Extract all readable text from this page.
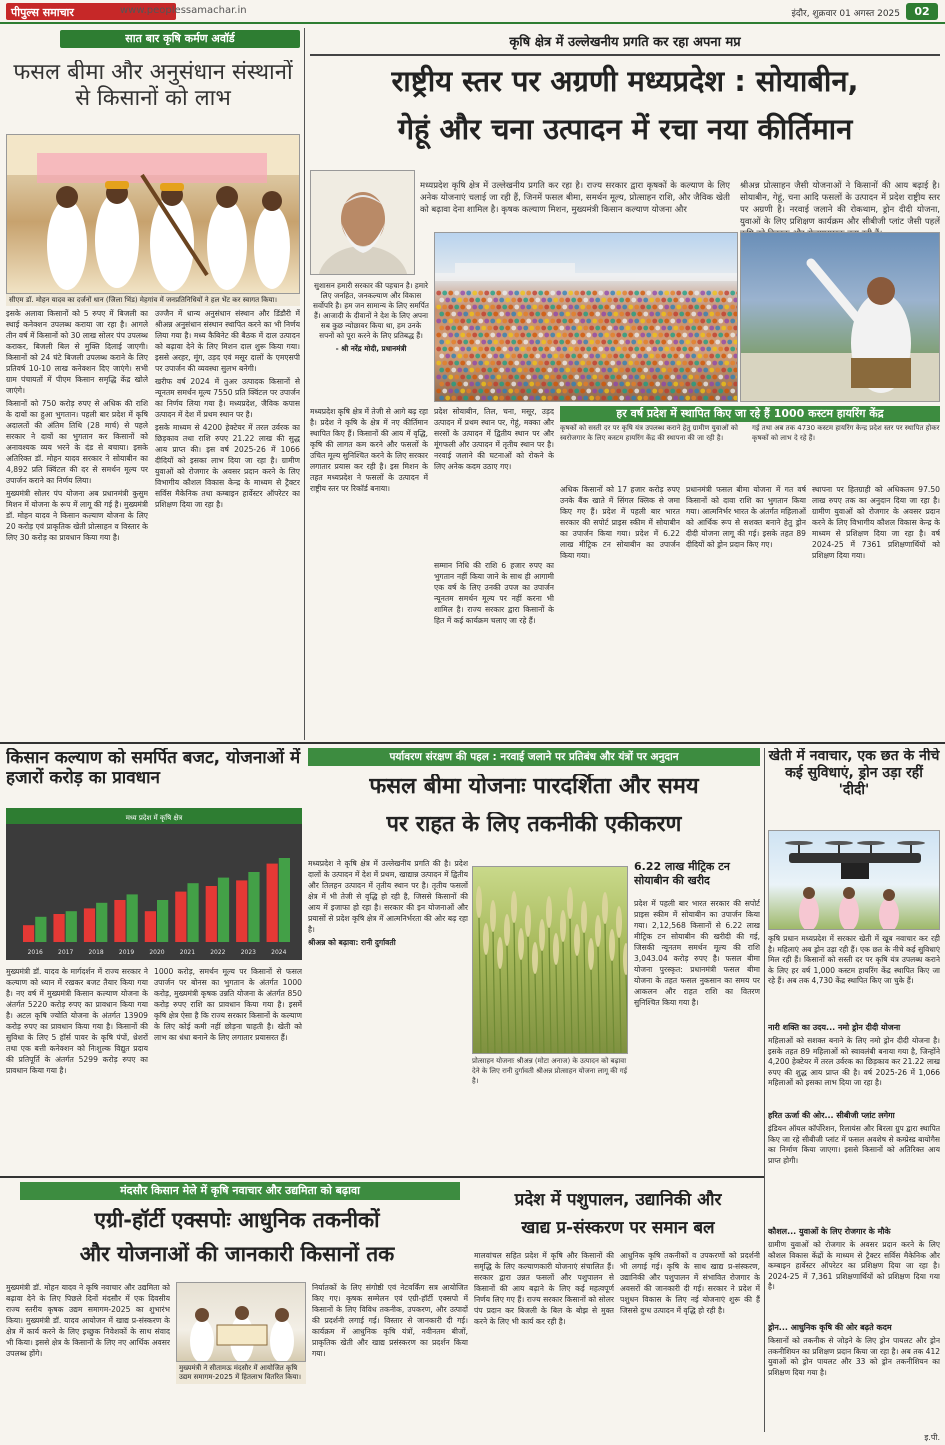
पीपुल्स समाचार	www.peoplessamachar.in	इंदौर, शुक्रवार 01 अगस्त 2025	02
सात बार कृषि कर्मण अवॉर्ड
फसल बीमा और अनुसंधान संस्थानों से किसानों को लाभ
सीएम डॉ. मोहन यादव का दर्जनों धान (जिला भिंड) मेहगांव में जनप्रतिनिधियों ने हल भेंट कर स्वागत किया।

इसके अलावा किसानों को 5 रुपए में बिजली का स्थाई कनेक्शन उपलब्ध कराया जा रहा है। आगले तीन वर्ष में किसानों को 30 लाख सोलर पंप उपलब्ध कराकर, बिजली बिल से मुक्ति दिलाई जाएगी। किसानों को 24 घंटे बिजली उपलब्ध कराने के लिए प्रतिवर्ष 10-10 लाख कनेक्शन दिए जाएंगे। सभी ग्राम पंचायतों में पीएम किसान समृद्धि केंद्र खोले जाएंगे।

किसानों को 750 करोड़ रुपए से अधिक की राशि के दावों का हुआ भुगतान। पहली बार प्रदेश में कृषि अदालतों की अंतिम तिथि (28 मार्च) से पहले सरकार ने दावों का भुगतान कर किसानों को अनावश्यक व्यय भरने के दंड से बचाया। इसके अतिरिक्त डॉ. मोहन यादव सरकार ने सोयाबीन का 4,892 प्रति क्विंटल की दर से समर्थन मूल्य पर उपार्जन कराने का निर्णय लिया।

मुख्यमंत्री सोलर पंप योजना अब प्रधानमंत्री कुसुम मिशन में योजना के रूप में लागू की गई है। मुख्यमंत्री डॉ. मोहन यादव ने किसान कल्याण योजना के लिए 20 करोड़ एवं प्राकृतिक खेती प्रोत्साहन व विस्तार के लिए 30 करोड़ का प्रावधान किया गया है।

उज्जैन में धान्य अनुसंधान संस्थान और डिंडौरी में श्रीअन्न अनुसंधान संस्थान स्थापित करने का भी निर्णय लिया गया है। मध्य कैबिनेट की बैठक में दाल उत्पादन को बढ़ावा देने के लिए मिशन दाल शुरू किया गया। इससे अरहर, मूंग, उड़द एवं मसूर दालों के एमएसपी पर उपार्जन की व्यवस्था सुलभ बनेगी।

खरीफ वर्ष 2024 में तुअर उत्पादक किसानों से न्यूनतम समर्थन मूल्य 7550 प्रति क्विंटल पर उपार्जन का निर्णय लिया गया है। मध्यप्रदेश, जैविक कपास उत्पादन में देश में प्रथम स्थान पर है।

इसके माध्यम से 4200 हेक्टेयर में तरल उर्वरक का छिड़काव तथा राशि रुपए 21.22 लाख की सुद्ध आय प्राप्त की। इस वर्ष 2025-26 में 1066 दीदियों को इसका लाभ दिया जा रहा है। ग्रामीण युवाओं को रोजगार के अवसर प्रदान करने के लिए विभागीय कौशल विकास केन्द्र के माध्यम से ट्रैक्टर सर्विस मैकेनिक तथा कम्बाइन हार्वेस्टर ऑपरेटर का प्रशिक्षण दिया जा रहा है।

कृषि क्षेत्र में उल्लेखनीय प्रगति कर रहा अपना मप्र
राष्ट्रीय स्तर पर अग्रणी मध्यप्रदेश : सोयाबीन,
गेहूं और चना उत्पादन में रचा नया कीर्तिमान
मध्यप्रदेश कृषि क्षेत्र में उल्लेखनीय प्रगति कर रहा है। राज्य सरकार द्वारा कृषकों के कल्याण के लिए अनेक योजनाएं चलाई जा रही हैं, जिनमें फसल बीमा, समर्थन मूल्य, प्रोत्साहन राशि, और जैविक खेती को बढ़ावा देना शामिल है। कृषक कल्याण मिशन, मुख्यमंत्री किसान कल्याण योजना और
श्रीअन्न प्रोत्साहन जैसी योजनाओं ने किसानों की आय बढ़ाई है। सोयाबीन, गेहूं, चना आदि फसलों के उत्पादन में प्रदेश राष्ट्रीय स्तर पर अग्रणी है। नरवाई जलाने की रोकथाम, ड्रोन दीदी योजना, युवाओं के लिए प्रशिक्षण कार्यक्रम और सीबीजी प्लांट जैसी पहलें
सुशासन हमारी सरकार की पहचान है। हमारे लिए जनहित, जनकल्याण और विकास सर्वोपरि है। हम जन सामान्य के लिए समर्पित हैं। आजादी के दीवानों ने देश के लिए अपना सब कुछ न्योछावर किया था, हम उनके सपनों को पूरा करने के लिए प्रतिबद्ध हैं।
- श्री नरेंद्र मोदी, प्रधानमंत्री
हर वर्ष प्रदेश में स्थापित किए जा रहे हैं 1000 कस्टम हायरिंग केंद्र
कृषकों को सस्ती दर पर कृषि यंत्र उपलब्ध कराने हेतु ग्रामीण युवाओं को स्वरोजगार के लिए कस्टम हायरिंग केंद्र की स्थापना की जा रही है।
गई तथा अब तक 4730 कस्टम हायरिंग केन्द्र प्रदेश स्तर पर स्थापित होकर कृषकों को लाभ दे रहे हैं।
मध्यप्रदेश कृषि क्षेत्र में तेजी से आगे बढ़ रहा है। प्रदेश ने कृषि के क्षेत्र में नए कीर्तिमान स्थापित किए हैं। किसानों की आय में वृद्धि, कृषि की लागत कम करने और फसलों के उचित मूल्य सुनिश्चित करने के लिए सरकार लगातार प्रयास कर रही है। इस मिशन के तहत मध्यप्रदेश ने फसलों के उत्पादन में राष्ट्रीय स्तर पर रिकॉर्ड बनाया।
प्रदेश सोयाबीन, तिल, चना, मसूर, उड़द उत्पादन में प्रथम स्थान पर, गेहूं, मक्का और सरसों के उत्पादन में द्वितीय स्थान पर और मूंगफली और उत्पादन में तृतीय स्थान पर है। नरवाई जलाने की घटनाओं को रोकने के लिए अनेक कदम उठाए गए।
सम्मान निधि की राशि 6 हजार रुपए का भुगतान नहीं किया जाने के साथ ही आगामी एक वर्ष के लिए उनकी उपज का उपार्जन न्यूनतम समर्थन मूल्य पर नहीं करना भी शामिल है। राज्य सरकार द्वारा किसानों के हित में कई कार्यक्रम चलाए जा रहे हैं।
अधिक किसानों को 17 हजार करोड़ रुपए उनके बैंक खाते में सिंगल क्लिक से जमा किए गए हैं। प्रदेश में पहली बार भारत सरकार की सपोर्ट प्राइस स्कीम में सोयाबीन का उपार्जन किया गया। प्रदेश में 6.22 लाख मीट्रिक टन सोयाबीन का उपार्जन किया गया।
प्रधानमंत्री फसल बीमा योजना में गत वर्ष किसानों को दावा राशि का भुगतान किया गया। आत्मनिर्भर भारत के अंतर्गत महिलाओं को आर्थिक रूप से सशक्त बनाने हेतु ड्रोन दीदी योजना लागू की गई। इसके तहत 89 दीदियों को ड्रोन प्रदान किए गए।
स्थापना पर हितग्राही को अधिकतम 97.50 लाख रुपए तक का अनुदान दिया जा रहा है। ग्रामीण युवाओं को रोजगार के अवसर प्रदान करने के लिए विभागीय कौशल विकास केन्द्र के माध्यम से प्रशिक्षण दिया जा रहा है। वर्ष 2024-25 में 7361 प्रशिक्षणार्थियों को प्रशिक्षण दिया गया।
किसान कल्याण को समर्पित बजट, योजनाओं में हजारों करोड़ का प्रावधान
मध्य प्रदेश में कृषि क्षेत्र
2016	2017	2018	2019	2020	2021	2022	2023	2024
मुख्यमंत्री डॉ. यादव के मार्गदर्शन में राज्य सरकार ने कल्याण को ध्यान में रखकर बजट तैयार किया गया है। नए वर्ष में मुख्यमंत्री किसान कल्याण योजना के अंतर्गत 5220 करोड़ रुपए का प्रावधान किया गया है। अटल कृषि ज्योति योजना के अंतर्गत 13909 करोड़ रुपए का प्रावधान किया गया है। किसानों की सुविधा के लिए 5 हॉर्स पावर के कृषि पंपों, थ्रेशरों तथा एक बत्ती कनेक्शन को निःशुल्क विद्युत प्रदाय की प्रतिपूर्ति के अंतर्गत 5299 करोड़ रुपए का प्रावधान किया गया है।
1000 करोड़, समर्थन मूल्य पर किसानों से फसल उपार्जन पर बोनस का भुगतान के अंतर्गत 1000 करोड़, मुख्यमंत्री कृषक उन्नति योजना के अंतर्गत 850 करोड़ रुपए राशि का प्रावधान किया गया है। इसमें कृषि क्षेत्र ऐसा है कि राज्य सरकार किसानों के कल्याण के लिए कोई कमी नहीं छोड़ना चाहती है। खेती को लाभ का धंधा बनाने के लिए लगातार प्रयासरत हैं।
पर्यावरण संरक्षण की पहल : नरवाई जलाने पर प्रतिबंध और यंत्रों पर अनुदान
फसल बीमा योजनाः पारदर्शिता और समय
पर राहत के लिए तकनीकी एकीकरण

मध्यप्रदेश ने कृषि क्षेत्र में उल्लेखनीय प्रगति की है। प्रदेश दालों के उत्पादन में देश में प्रथम, खाद्यान्न उत्पादन में द्वितीय और तिलहन उत्पादन में तृतीय स्थान पर है। तृतीय फसलों क्षेत्र में भी तेजी से वृद्धि हो रही है, जिससे किसानों की आय में इजाफा हो रहा है। सरकार की इन योजनाओं और प्रयासों से प्रदेश कृषि क्षेत्र में आत्मनिर्भरता की ओर बढ़ रहा है।

श्रीअन्न को बढ़ावा: रानी दुर्गावती

प्रोत्साहन योजनाः श्रीअन्न (मोटा अनाज) के उत्पादन को बढ़ावा देने के लिए रानी दुर्गावती श्रीअन्न प्रोत्साहन योजना लागू की गई है।
6.22 लाख मीट्रिक टन सोयाबीन की खरीद
प्रदेश में पहली बार भारत सरकार की सपोर्ट प्राइस स्कीम में सोयाबीन का उपार्जन किया गया। 2,12,568 किसानों से 6.22 लाख मीट्रिक टन सोयाबीन की खरीदी की गई, जिसकी न्यूनतम समर्थन मूल्य की राशि 3,043.04 करोड़ रुपए है। फसल बीमा योजना पुरस्कृत: प्रधानमंत्री फसल बीमा योजना के तहत फसल नुकसान का समय पर आकलन और राहत राशि का वितरण सुनिश्चित किया गया है।
खेती में नवाचार, एक छत के नीचे कई सुविधाएं, ड्रोन उड़ा रहीं 'दीदी'
कृषि प्रधान मध्यप्रदेश में सरकार खेती में खूब नवाचार कर रही है। महिलाएं अब ड्रोन उड़ा रही हैं। एक छत के नीचे कई सुविधाएं मिल रही हैं। किसानों को सस्ती दर पर कृषि यंत्र उपलब्ध कराने के लिए हर वर्ष 1,000 कस्टम हायरिंग केंद्र स्थापित किए जा रहे हैं। अब तक 4,730 केंद्र स्थापित किए जा चुके हैं।
नारी शक्ति का उदय... नमो ड्रोन दीदी योजना
महिलाओं को सशक्त बनाने के लिए नमो ड्रोन दीदी योजना है। इसके तहत 89 महिलाओं को स्वावलंबी बनाया गया है, जिन्होंने 4,200 हेक्टेयर में तरल उर्वरक का छिड़काव कर 21.22 लाख रुपए की शुद्ध आय प्राप्त की है। वर्ष 2025-26 में 1,066 महिलाओं को इसका लाभ दिया जा रहा है।
हरित ऊर्जा की ओर... सीबीजी प्लांट लगेगा
इंडियन ऑयल कॉर्पोरेशन, रिलायंस और बिरला ग्रुप द्वारा स्थापित किए जा रहे सीबीजी प्लांट में फसल अवशेष से कम्प्रेस्ड बायोगैस का निर्माण किया जाएगा। इससे किसानों को अतिरिक्त आय प्राप्त होगी।
कौशल... युवाओं के लिए रोजगार के मौके
ग्रामीण युवाओं को रोजगार के अवसर प्रदान करने के लिए कौशल विकास केंद्रों के माध्यम से ट्रैक्टर सर्विस मैकेनिक और कम्बाइन हार्वेस्टर ऑपरेटर का प्रशिक्षण दिया जा रहा है। 2024-25 में 7,361 प्रशिक्षणार्थियों को प्रशिक्षण दिया गया है।
ड्रोन... आधुनिक कृषि की ओर बढ़ते कदम
किसानों को तकनीक से जोड़ने के लिए ड्रोन पायलट और ड्रोन तकनीशियन का प्रशिक्षण प्रदान किया जा रहा है। अब तक 412 युवाओं को ड्रोन पायलट और 33 को ड्रोन तकनीशियन का प्रशिक्षण दिया गया है।
मंदसौर किसान मेले में कृषि नवाचार और उद्यमिता को बढ़ावा
एग्री-हॉर्टी एक्सपोः आधुनिक तकनीकों
और योजनाओं की जानकारी किसानों तक
मुख्यमंत्री डॉ. मोहन यादव ने कृषि नवाचार और उद्यमिता को बढ़ावा देने के लिए पिछले दिनों मंदसौर में एक दिवसीय राज्य स्तरीय कृषक उद्यम समागम-2025 का शुभारंभ किया। मुख्यमंत्री डॉ. यादव आयोजन में खाद्य प्र-संस्करण के क्षेत्र में कार्य करने के लिए इच्छुक निवेशकों के साथ संवाद भी किया। इससे क्षेत्र के किसानों के लिए नए आर्थिक अवसर उपलब्ध होंगे।
मुख्यमंत्री ने सीतामऊ मंदसौर में आयोजित कृषि उद्यम समागम-2025 में हितलाभ वितरित किया।
निर्यातकों के लिए संगोष्ठी एवं नेटवर्किंग सत्र आयोजित किए गए। कृषक सम्मेलन एवं एग्री-हॉर्टी एक्सपो में किसानों के लिए विविध तकनीक, उपकरण, और उत्पादों की प्रदर्शनी लगाई गई। विस्तार से जानकारी दी गई। कार्यक्रम में आधुनिक कृषि यंत्रों, नवीनतम बीजों, प्राकृतिक खेती और खाद्य प्रसंस्करण का प्रदर्शन किया गया।
प्रदेश में पशुपालन, उद्यानिकी और
खाद्य प्र-संस्करण पर समान बल
मालवांचल सहित प्रदेश में कृषि और किसानों की समृद्धि के लिए कल्याणकारी योजनाएं संचालित हैं। सरकार द्वारा उन्नत फसलों और पशुपालन से किसानों की आय बढ़ाने के लिए कई महत्वपूर्ण निर्णय लिए गए हैं। राज्य सरकार किसानों को सोलर पंप प्रदान कर बिजली के बिल के बोझ से मुक्त करने के लिए भी कार्य कर रही है।
आधुनिक कृषि तकनीकों व उपकरणों को प्रदर्शनी भी लगाई गई। कृषि के साथ खाद्य प्र-संस्करण, उद्यानिकी और पशुपालन में संभावित रोजगार के अवसरों की जानकारी दी गई। सरकार ने प्रदेश में पशुधन विकास के लिए नई योजनाएं शुरू की हैं जिससे दुग्ध उत्पादन में वृद्धि हो रही है।
इ.पी.
